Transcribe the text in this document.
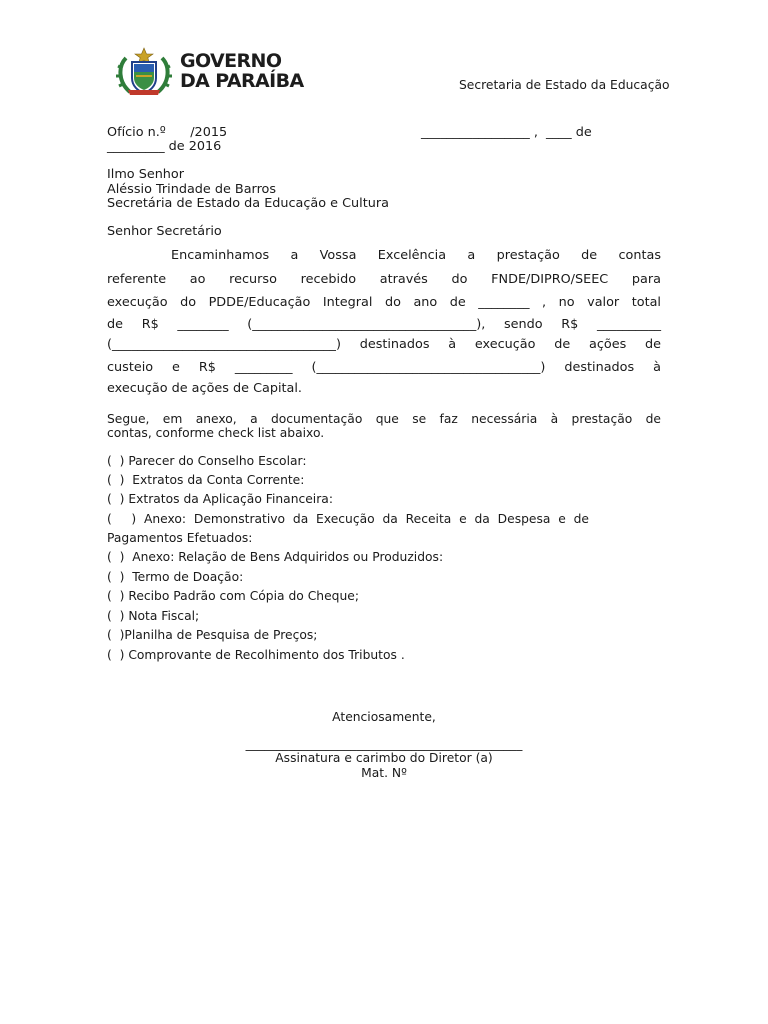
GOVERNO
DA PARAÍBA	Secretaria de Estado da Educação
Ofício n.º      /2015	_________________ ,  ____ de
_________ de 2016
Ilmo Senhor
Aléssio Trindade de Barros
Secretária de Estado da Educação e Cultura
Senhor Secretário
Encaminhamos a Vossa Excelência a prestação de contas
referente ao recurso recebido através do FNDE/DIPRO/SEEC para
execução do PDDE/Educação Integral do ano de ________ , no valor total
de R$ ________ (___________________________________), sendo R$ __________
(___________________________________) destinados à execução de ações de
custeio e R$ _________ (___________________________________) destinados à
execução de ações de Capital.
Segue, em anexo, a documentação que se faz necessária à prestação de
contas, conforme check list abaixo.
(  ) Parecer do Conselho Escolar:
(  )  Extratos da Conta Corrente:
(  ) Extratos da Aplicação Financeira:
(     )  Anexo:  Demonstrativo  da  Execução  da  Receita  e  da  Despesa  e  de
Pagamentos Efetuados:
(  )  Anexo: Relação de Bens Adquiridos ou Produzidos:
(  )  Termo de Doação:
(  ) Recibo Padrão com Cópia do Cheque;
(  ) Nota Fiscal;
(  )Planilha de Pesquisa de Preços;
(  ) Comprovante de Recolhimento dos Tributos .
Atenciosamente,
_____________________________________________
Assinatura e carimbo do Diretor (a)
Mat. Nº
